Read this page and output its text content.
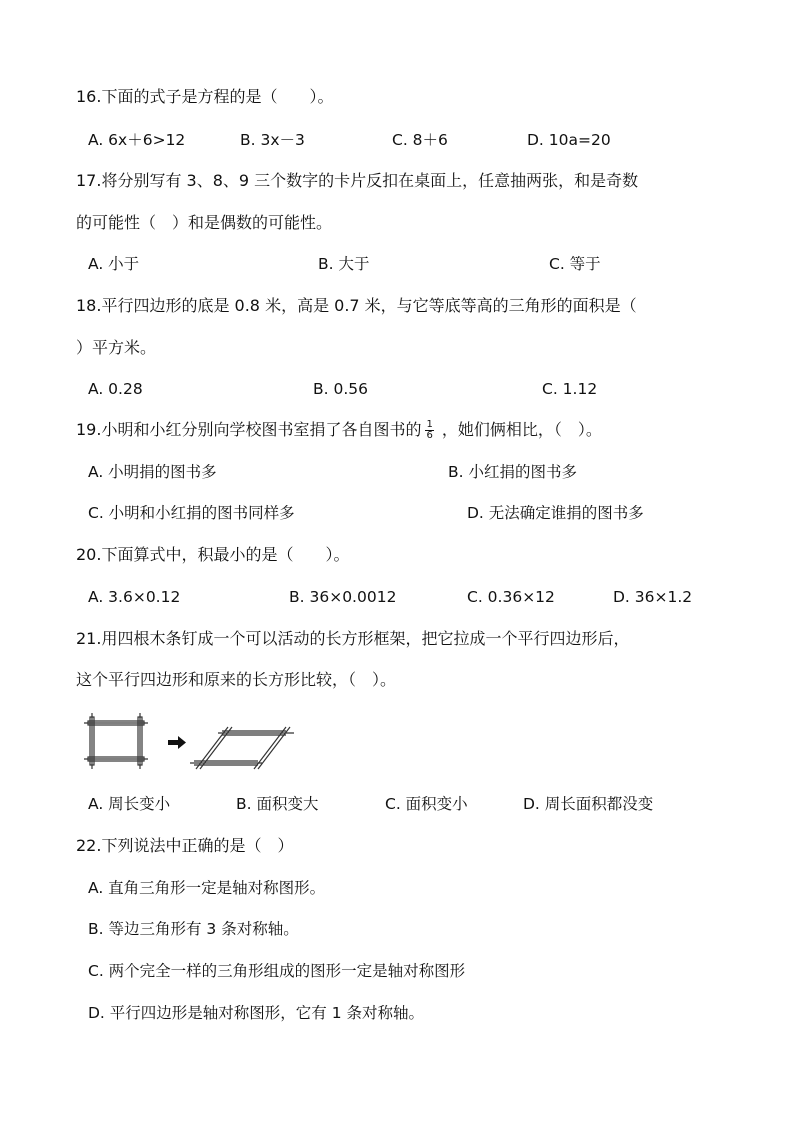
16.下面的式子是方程的是（　　）。
A. 6x＋6>12	B. 3x－3	C. 8＋6	D. 10a=20
17.将分别写有 3、8、9 三个数字的卡片反扣在桌面上，任意抽两张，和是奇数
的可能性（　）和是偶数的可能性。
A. 小于	B. 大于	C. 等于
18.平行四边形的底是 0.8 米，高是 0.7 米，与它等底等高的三角形的面积是（
）平方米。
A. 0.28	B. 0.56	C. 1.12
19.小明和小红分别向学校图书室捐了各自图书的 $\frac{1}{6}$ ，她们俩相比，（　）。
A. 小明捐的图书多	B. 小红捐的图书多
C. 小明和小红捐的图书同样多	D. 无法确定谁捐的图书多
20.下面算式中，积最小的是（　　）。
A. 3.6×0.12	B. 36×0.0012	C. 0.36×12	D. 36×1.2
21.用四根木条钉成一个可以活动的长方形框架，把它拉成一个平行四边形后，
这个平行四边形和原来的长方形比较，（　）。
A. 周长变小	B. 面积变大	C. 面积变小	D. 周长面积都没变
22.下列说法中正确的是（　）
A. 直角三角形一定是轴对称图形。
B. 等边三角形有 3 条对称轴。
C. 两个完全一样的三角形组成的图形一定是轴对称图形
D. 平行四边形是轴对称图形，它有 1 条对称轴。
